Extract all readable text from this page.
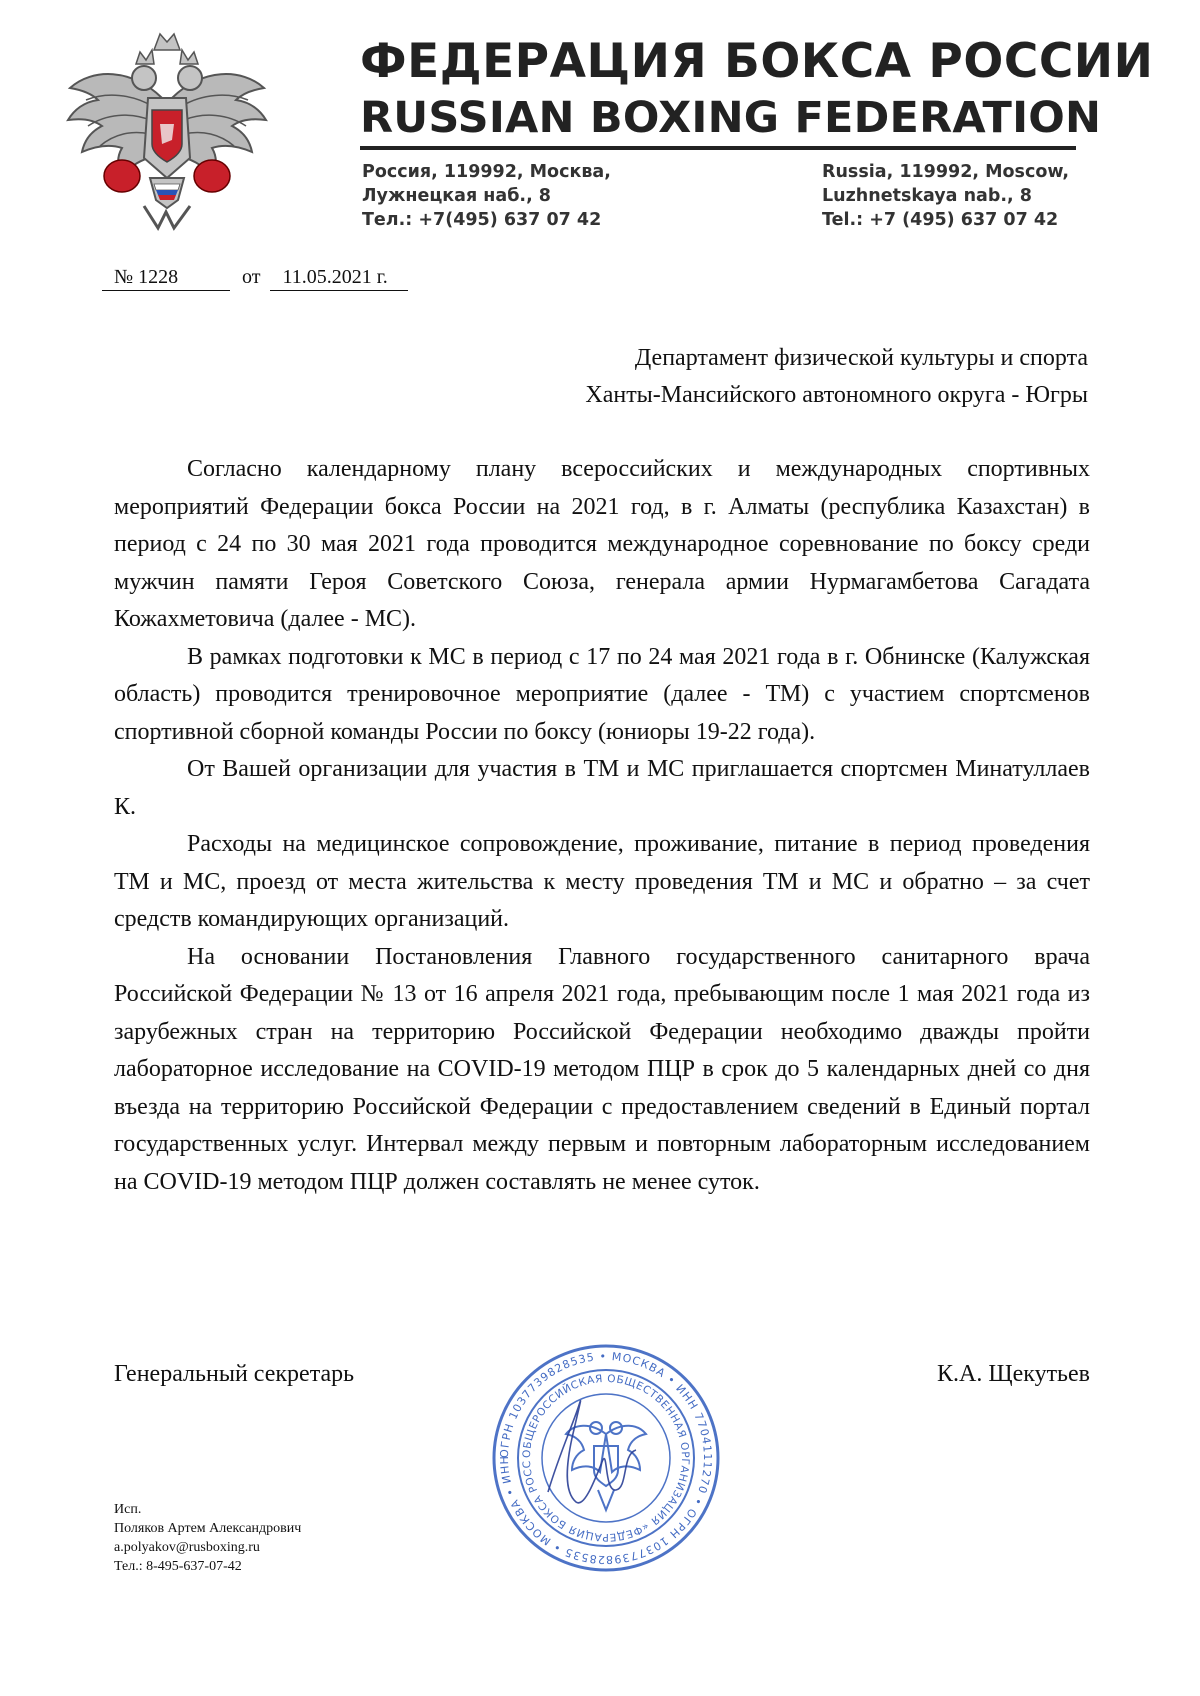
ФЕДЕРАЦИЯ БОКСА РОССИИ
RUSSIAN BOXING FEDERATION
Россия, 119992, Москва,
Лужнецкая наб., 8
Тел.: +7(495) 637 07 42
Russia, 119992, Moscow,
Luzhnetskaya nab., 8
Tel.: +7 (495) 637 07 42
№ 1228	от 11.05.2021 г.
Департамент физической культуры и спорта
Ханты-Мансийского автономного округа - Югры

Согласно календарному плану всероссийских и международных спортивных мероприятий Федерации бокса России на 2021 год, в г. Алматы (республика Казахстан) в период с 24 по 30 мая 2021 года проводится международное соревнование по боксу среди мужчин памяти Героя Советского Союза, генерала армии Нурмагамбетова Сагадата Кожахметовича (далее - МС).

В рамках подготовки к МС в период с 17 по 24 мая 2021 года в г. Обнинске (Калужская область) проводится тренировочное мероприятие (далее - ТМ) с участием спортсменов спортивной сборной команды России по боксу (юниоры 19-22 года).

От Вашей организации для участия в ТМ и МС приглашается спортсмен Минатуллаев К.

Расходы на медицинское сопровождение, проживание, питание в период проведения ТМ и МС, проезд от места жительства к месту проведения ТМ и МС и обратно – за счет средств командирующих организаций.

На основании Постановления Главного государственного санитарного врача Российской Федерации № 13 от 16 апреля 2021 года, пребывающим после 1 мая 2021 года из зарубежных стран на территорию Российской Федерации необходимо дважды пройти лабораторное исследование на COVID-19 методом ПЦР в срок до 5 календарных дней со дня въезда на территорию Российской Федерации с предоставлением сведений в Единый портал государственных услуг. Интервал между первым и повторным лабораторным исследованием на COVID-19 методом ПЦР должен составлять не менее суток.

Генеральный секретарь	К.А. Щекутьев
ОГРН 1037739828535 • МОСКВА • ИНН 7704111270 • ОГРН 1037739828535 • МОСКВА • ИНН
ОБЩЕРОССИЙСКАЯ ОБЩЕСТВЕННАЯ ОРГАНИЗАЦИЯ «ФЕДЕРАЦИЯ БОКСА РОСС
Исп.
Поляков Артем Александрович
a.polyakov@rusboxing.ru
Тел.: 8-495-637-07-42
